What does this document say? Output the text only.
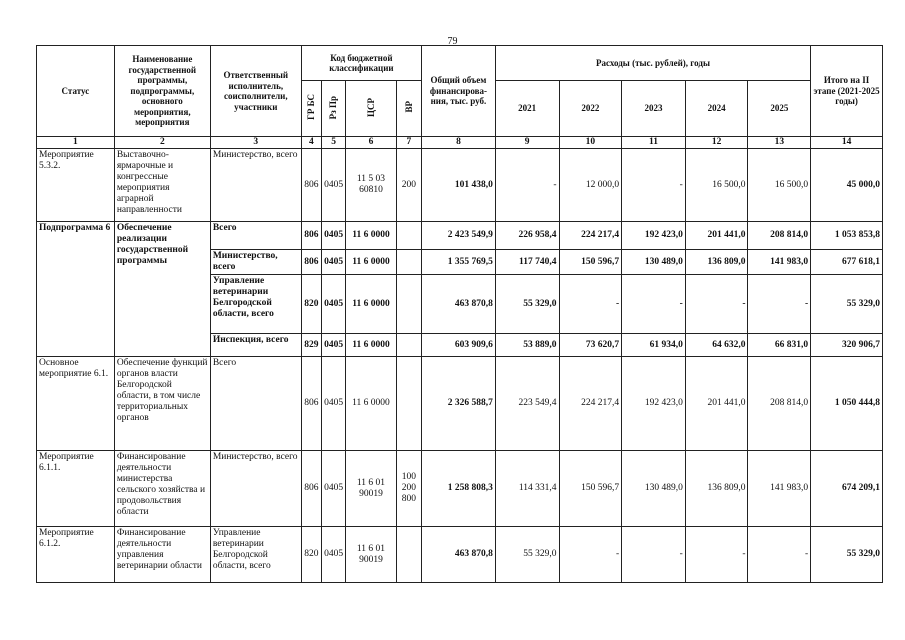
79
Статус	Наименование государственной программы, подпрограммы, основного мероприятия, мероприятия	Ответственный исполнитель, соисполнители, участники	Код бюджетной классификации				Общий объем финансирова-ния, тыс. руб.	Расходы (тыс. рублей), годы					Итого на II этапе (2021-2025 годы)
			ГР БС	Рз Пр	ЦСР	ВР		2021	2022	2023	2024	2025	
1	2	3	4	5	6	7	8	9	10	11	12	13	14
Мероприятие 5.3.2.	Выставочно-ярмарочные и конгрессные мероприятия аграрной направленности	Министерство, всего	806	0405	11 5 03 60810	200	101 438,0	-	12 000,0	-	16 500,0	16 500,0	45 000,0
Подпрограмма 6	Обеспечение реализации государственной программы	Всего	806	0405	11 6 0000		2 423 549,9	226 958,4	224 217,4	192 423,0	201 441,0	208 814,0	1 053 853,8
		Министерство, всего	806	0405	11 6 0000		1 355 769,5	117 740,4	150 596,7	130 489,0	136 809,0	141 983,0	677 618,1
		Управление ветеринарии Белгородской области, всего	820	0405	11 6 0000		463 870,8	55 329,0	-	-	-	-	55 329,0
		Инспекция, всего	829	0405	11 6 0000		603 909,6	53 889,0	73 620,7	61 934,0	64 632,0	66 831,0	320 906,7
Основное мероприятие 6.1.	Обеспечение функций органов власти Белгородской области, в том числе территориальных органов	Всего	806	0405	11 6 0000		2 326 588,7	223 549,4	224 217,4	192 423,0	201 441,0	208 814,0	1 050 444,8
Мероприятие 6.1.1.	Финансирование деятельности министерства сельского хозяйства и продовольствия области	Министерство, всего	806	0405	11 6 01 90019	100 200 800	1 258 808,3	114 331,4	150 596,7	130 489,0	136 809,0	141 983,0	674 209,1
Мероприятие 6.1.2.	Финансирование деятельности управления ветеринарии области	Управление ветеринарии Белгородской области, всего	820	0405	11 6 01 90019		463 870,8	55 329,0	-	-	-	-	55 329,0
